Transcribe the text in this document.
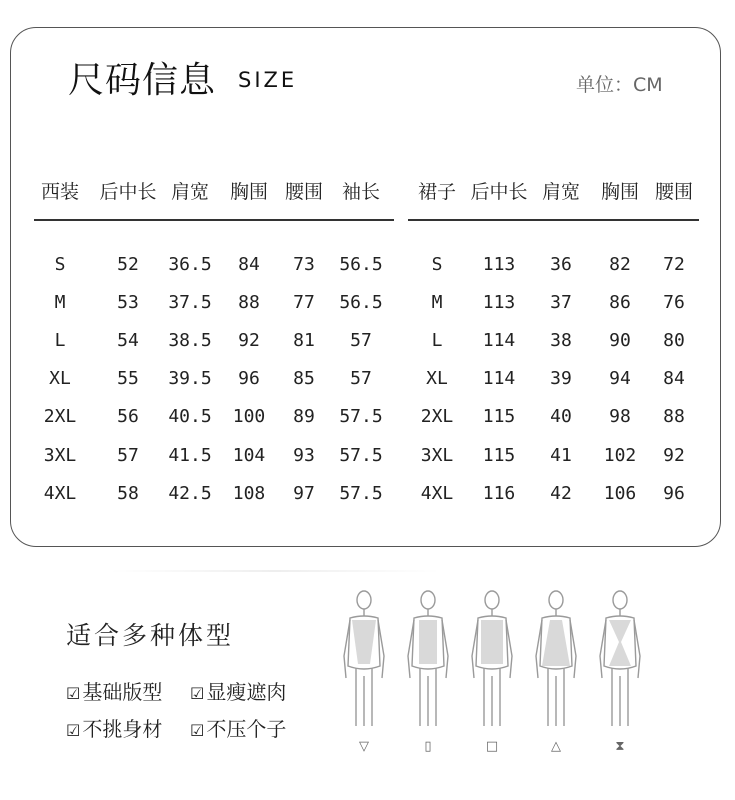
尺码信息 SIZE	单位：CM
西装 后中长 肩宽 胸围 腰围 袖长 裙子 后中长 肩宽 胸围 腰围
S	52 36.5 84 73 56.5
M	53 37.5 88 77 56.5
L	54 38.5 92 81 57
XL	55 39.5 96 85 57
2XL 56 40.5 100 89 57.5
3XL 57 41.5 104 93 57.5
4XL 58 42.5 108 97 57.5
S 113 36 82 72
M 113 37 86 76
L 114 38 90 80
XL 114 39 94 84
2XL 115 40 98 88
3XL 115 41 102 92
4XL 116 42 106 96
适合多种体型
☑ 基础版型 ☑ 显瘦遮肉
☑ 不挑身材 ☑ 不压个子
▽	▯	□	△	⧗
